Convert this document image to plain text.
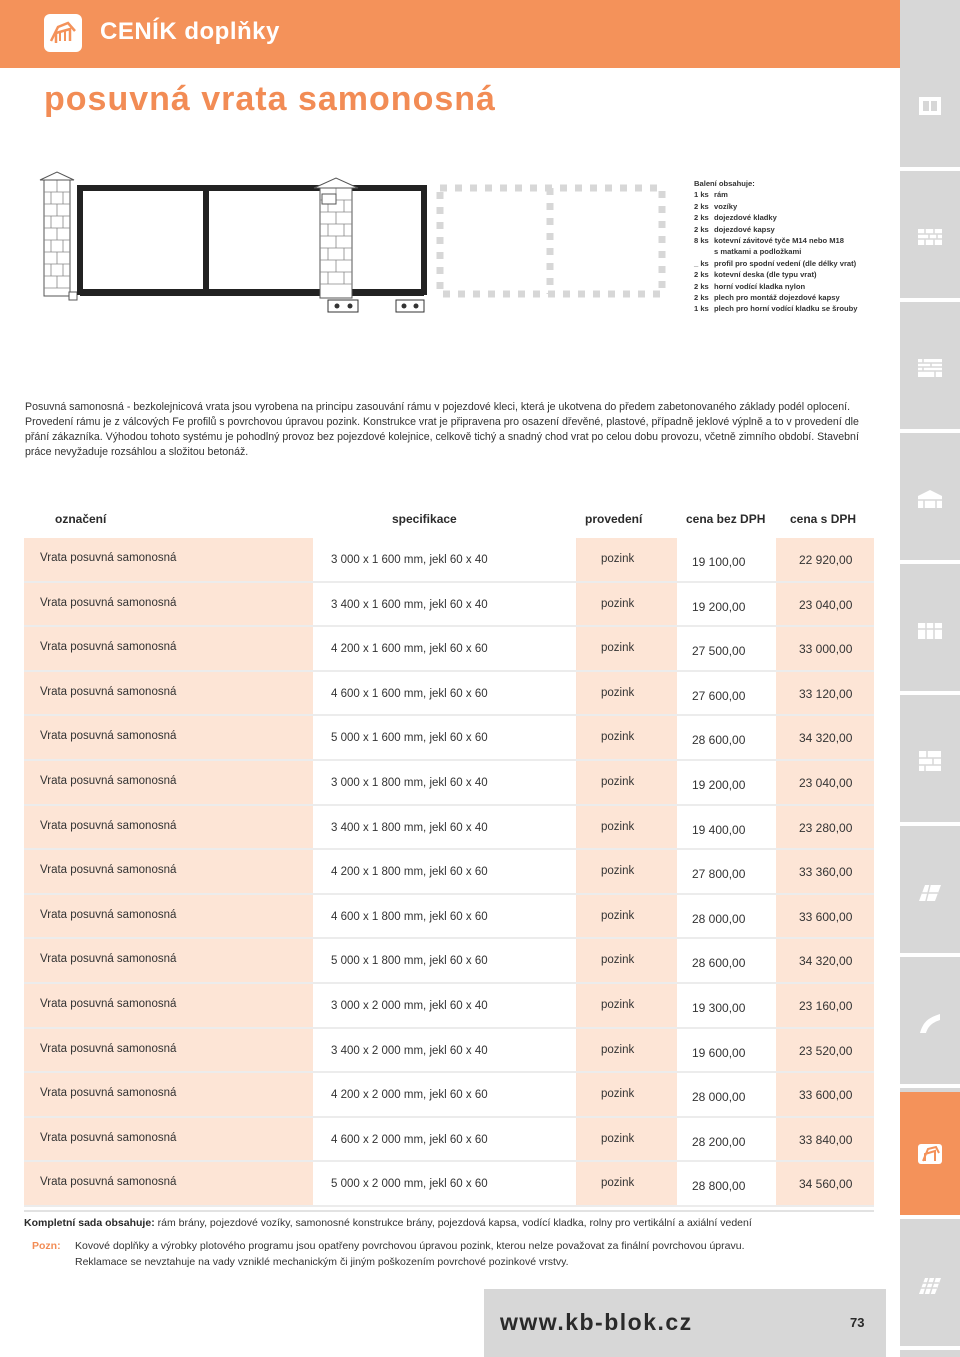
CENÍK doplňky
posuvná vrata samonosná
Balení obsahuje:
1 ks rám
2 ks vozíky
2 ks dojezdové kladky
2 ks dojezdové kapsy
8 ks kotevní závitové tyče M14 nebo M18
s matkami a podložkami
_ ks profil pro spodní vedení (dle délky vrat)
2 ks kotevní deska (dle typu vrat)
2 ks horní vodící kladka nylon
2 ks plech pro montáž dojezdové kapsy
1 ks plech pro horní vodící kladku se šrouby
Posuvná samonosná - bezkolejnicová vrata jsou vyrobena na principu zasouvání rámu v pojezdové kleci, která je ukotvena do předem zabetonovaného základy podél oplocení. Provedení rámu je z válcových Fe profilů s povrchovou úpravou pozink. Konstrukce vrat je připravena pro osazení dřevěné, plastové, případně jeklové výplně a to v provedení dle přání zákazníka. Výhodou tohoto systému je pohodlný provoz bez pojezdové kolejnice, celkově tichý a snadný chod vrat po celou dobu provozu, včetně zimního období. Stavební práce nevyžaduje rozsáhlou a složitou betonáž.
označení	specifikace	provedení	cena bez DPH cena s DPH
Vrata posuvná samonosná	3 000 x 1 600 mm, jekl 60 x 40	pozink	19 100,00	22 920,00
Vrata posuvná samonosná	3 400 x 1 600 mm, jekl 60 x 40	pozink	19 200,00	23 040,00
Vrata posuvná samonosná	4 200 x 1 600 mm, jekl 60 x 60	pozink	27 500,00	33 000,00
Vrata posuvná samonosná	4 600 x 1 600 mm, jekl 60 x 60	pozink	27 600,00	33 120,00
Vrata posuvná samonosná	5 000 x 1 600 mm, jekl 60 x 60	pozink	28 600,00	34 320,00
Vrata posuvná samonosná	3 000 x 1 800 mm, jekl 60 x 40	pozink	19 200,00	23 040,00
Vrata posuvná samonosná	3 400 x 1 800 mm, jekl 60 x 40	pozink	19 400,00	23 280,00
Vrata posuvná samonosná	4 200 x 1 800 mm, jekl 60 x 60	pozink	27 800,00	33 360,00
Vrata posuvná samonosná	4 600 x 1 800 mm, jekl 60 x 60	pozink	28 000,00	33 600,00
Vrata posuvná samonosná	5 000 x 1 800 mm, jekl 60 x 60	pozink	28 600,00	34 320,00
Vrata posuvná samonosná	3 000 x 2 000 mm, jekl 60 x 40	pozink	19 300,00	23 160,00
Vrata posuvná samonosná	3 400 x 2 000 mm, jekl 60 x 40	pozink	19 600,00	23 520,00
Vrata posuvná samonosná	4 200 x 2 000 mm, jekl 60 x 60	pozink	28 000,00	33 600,00
Vrata posuvná samonosná	4 600 x 2 000 mm, jekl 60 x 60	pozink	28 200,00	33 840,00
Vrata posuvná samonosná	5 000 x 2 000 mm, jekl 60 x 60	pozink	28 800,00	34 560,00
Kompletní sada obsahuje: rám brány, pojezdové vozíky, samonosné konstrukce brány, pojezdová kapsa, vodící kladka, rolny pro vertikální a axiální vedení
Pozn: Kovové doplňky a výrobky plotového programu jsou opatřeny povrchovou úpravou pozink, kterou nelze považovat za finální povrchovou úpravu.
Reklamace se nevztahuje na vady vzniklé mechanickým či jiným poškozením povrchové pozinkové vrstvy.
www.kb-blok.cz	73
